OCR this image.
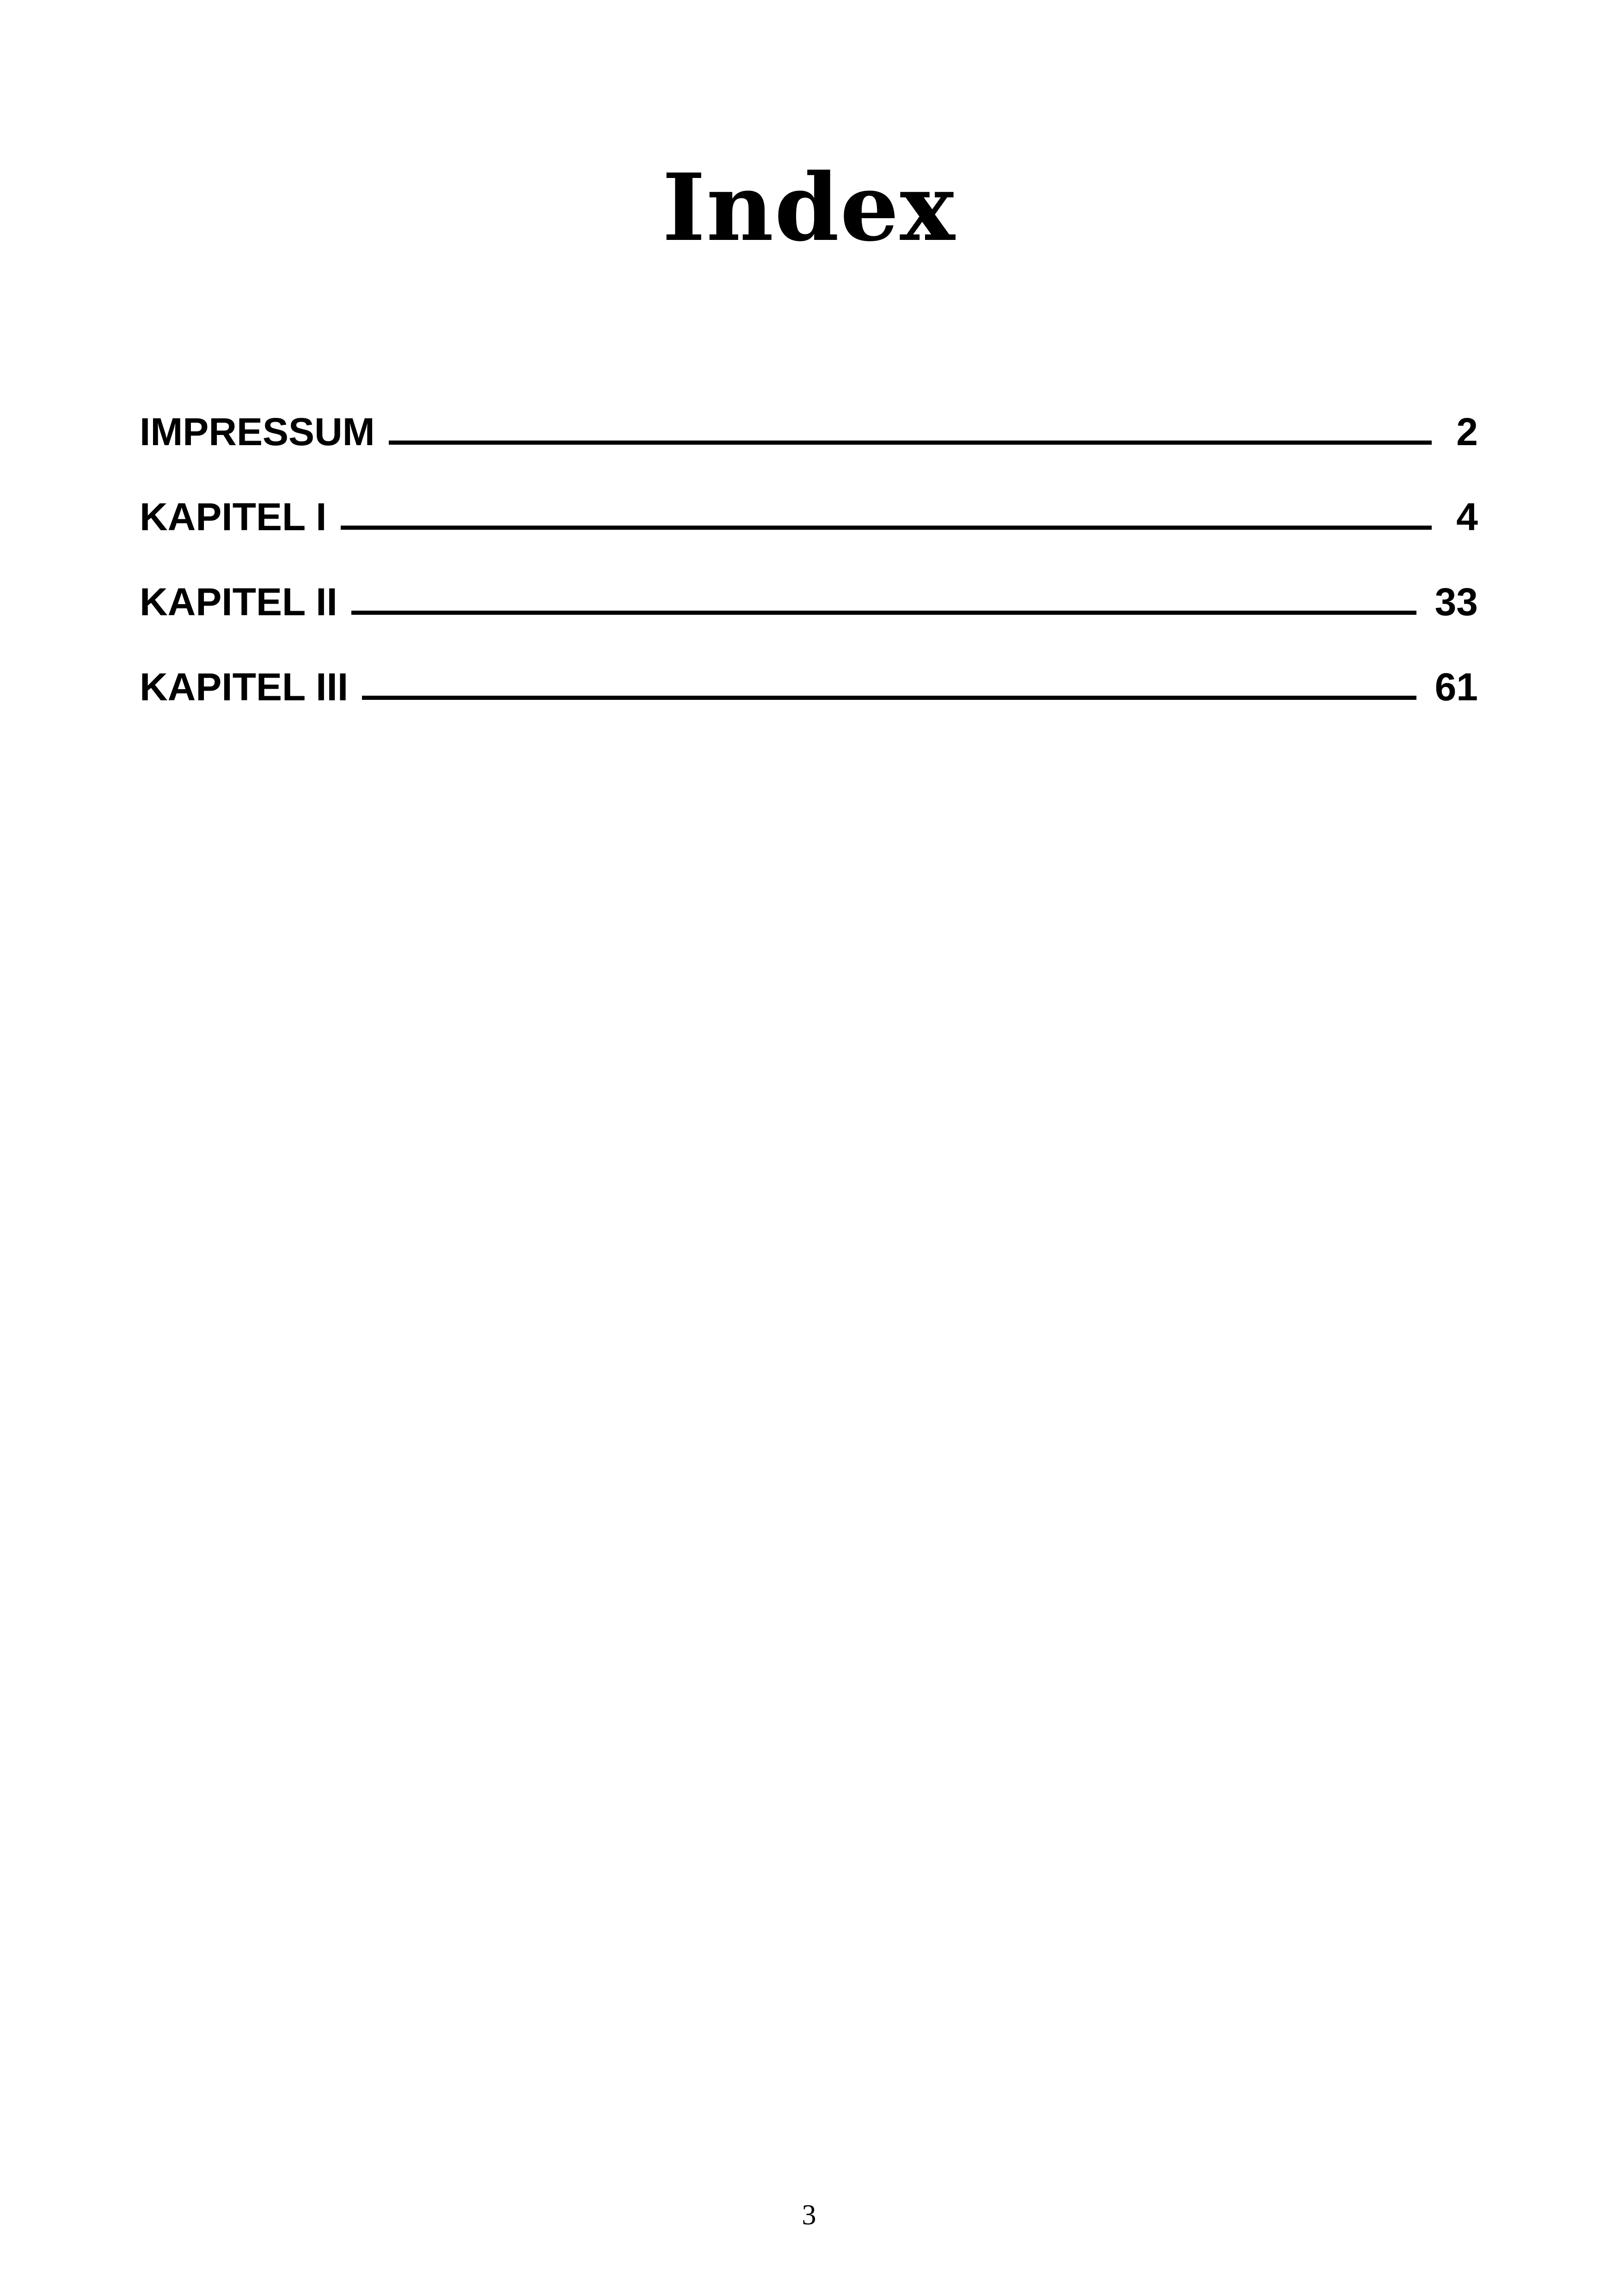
Index
IMPRESSUM	2
KAPITEL I	4
KAPITEL II	33
KAPITEL III	61

3
